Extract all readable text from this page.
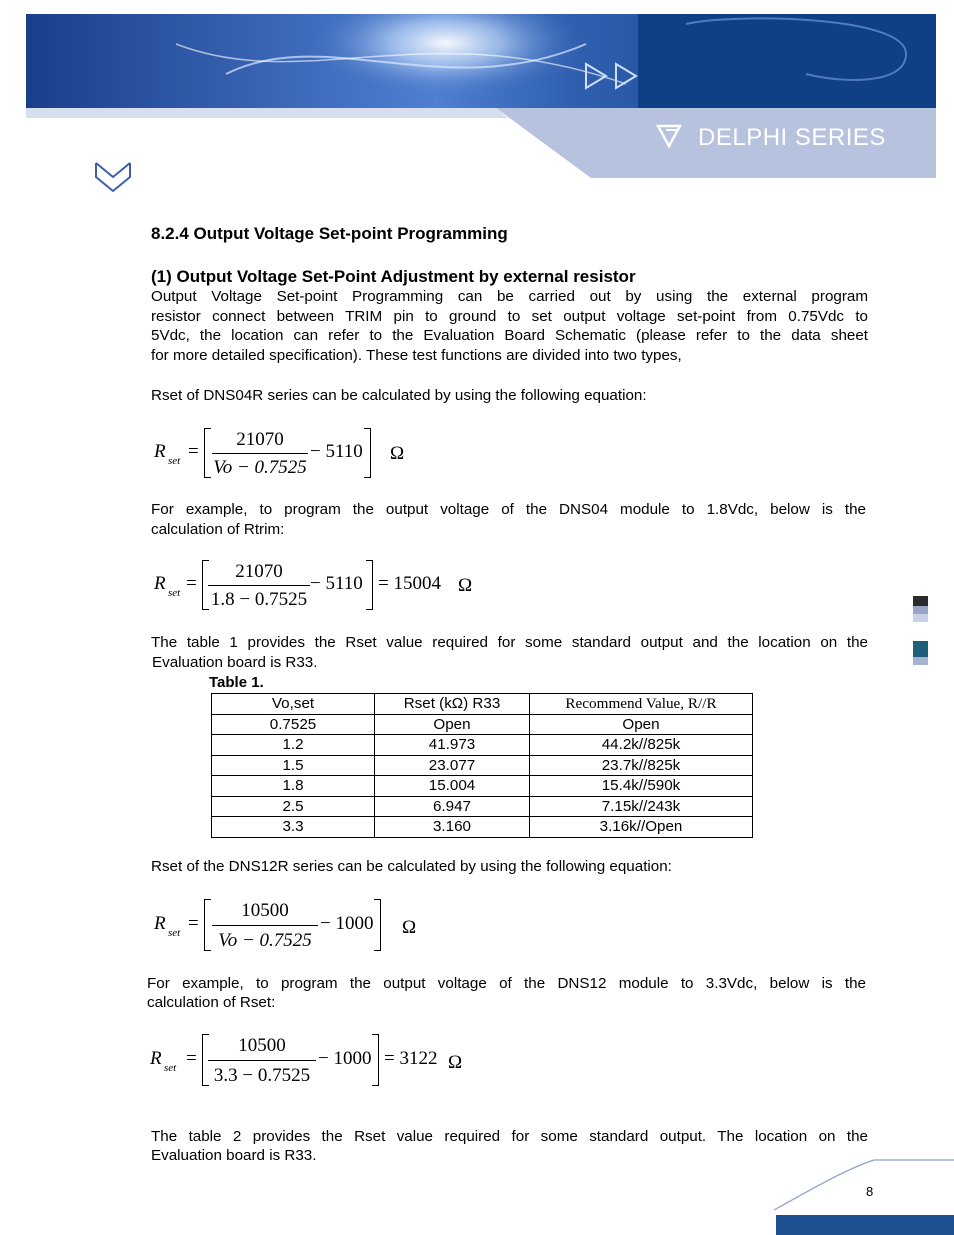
DELPHI SERIES
8.2.4 Output Voltage Set-point Programming
(1) Output Voltage Set-Point Adjustment by external resistor
Output Voltage Set-point Programming can be carried out by using the external program
resistor connect between TRIM pin to ground to set output voltage set-point from 0.75Vdc to
5Vdc, the location can refer to the Evaluation Board Schematic (please refer to the data sheet
for more detailed specification). These test functions are divided into two types,
Rset of DNS04R series can be calculated by using the following equation:
R set =
21070
Vo − 0.7525
− 5110 Ω
For example, to program the output voltage of the DNS04 module to 1.8Vdc, below is the
calculation of Rtrim:
R set =
21070
1.8 − 0.7525
− 5110 = 15004 Ω
The table 1 provides the Rset value required for some standard output and the location on the
Evaluation board is R33.
Table 1.
Vo,set	Rset (kΩ) R33	Recommend Value, R//R
0.7525	Open	Open
1.2	41.973	44.2k//825k
1.5	23.077	23.7k//825k
1.8	15.004	15.4k//590k
2.5	6.947	7.15k//243k
3.3	3.160	3.16k//Open
Rset of the DNS12R series can be calculated by using the following equation:
R set =
10500
Vo − 0.7525
− 1000 Ω
For example, to program the output voltage of the DNS12 module to 3.3Vdc, below is the
calculation of Rset:
R set =
10500
3.3 − 0.7525
− 1000 = 3122 Ω
The table 2 provides the Rset value required for some standard output. The location on the
Evaluation board is R33.
8
